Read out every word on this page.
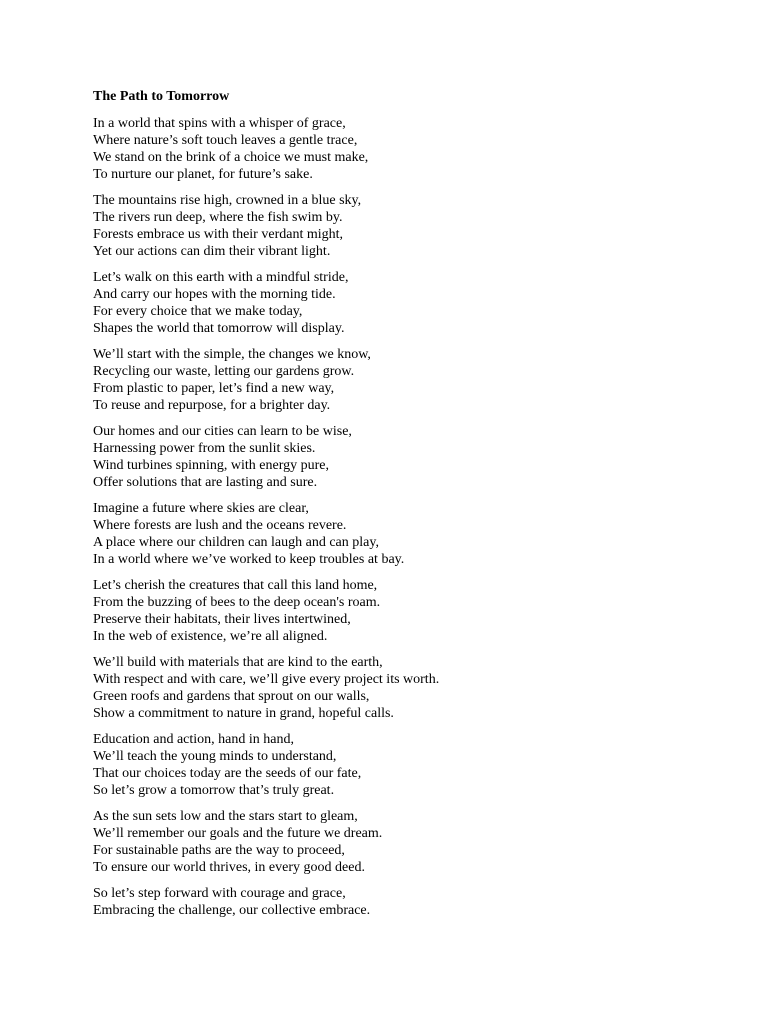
The Path to Tomorrow
In a world that spins with a whisper of grace,
Where nature’s soft touch leaves a gentle trace,
We stand on the brink of a choice we must make,
To nurture our planet, for future’s sake.
The mountains rise high, crowned in a blue sky,
The rivers run deep, where the fish swim by.
Forests embrace us with their verdant might,
Yet our actions can dim their vibrant light.
Let’s walk on this earth with a mindful stride,
And carry our hopes with the morning tide.
For every choice that we make today,
Shapes the world that tomorrow will display.
We’ll start with the simple, the changes we know,
Recycling our waste, letting our gardens grow.
From plastic to paper, let’s find a new way,
To reuse and repurpose, for a brighter day.
Our homes and our cities can learn to be wise,
Harnessing power from the sunlit skies.
Wind turbines spinning, with energy pure,
Offer solutions that are lasting and sure.
Imagine a future where skies are clear,
Where forests are lush and the oceans revere.
A place where our children can laugh and can play,
In a world where we’ve worked to keep troubles at bay.
Let’s cherish the creatures that call this land home,
From the buzzing of bees to the deep ocean's roam.
Preserve their habitats, their lives intertwined,
In the web of existence, we’re all aligned.
We’ll build with materials that are kind to the earth,
With respect and with care, we’ll give every project its worth.
Green roofs and gardens that sprout on our walls,
Show a commitment to nature in grand, hopeful calls.
Education and action, hand in hand,
We’ll teach the young minds to understand,
That our choices today are the seeds of our fate,
So let’s grow a tomorrow that’s truly great.
As the sun sets low and the stars start to gleam,
We’ll remember our goals and the future we dream.
For sustainable paths are the way to proceed,
To ensure our world thrives, in every good deed.
So let’s step forward with courage and grace,
Embracing the challenge, our collective embrace.
